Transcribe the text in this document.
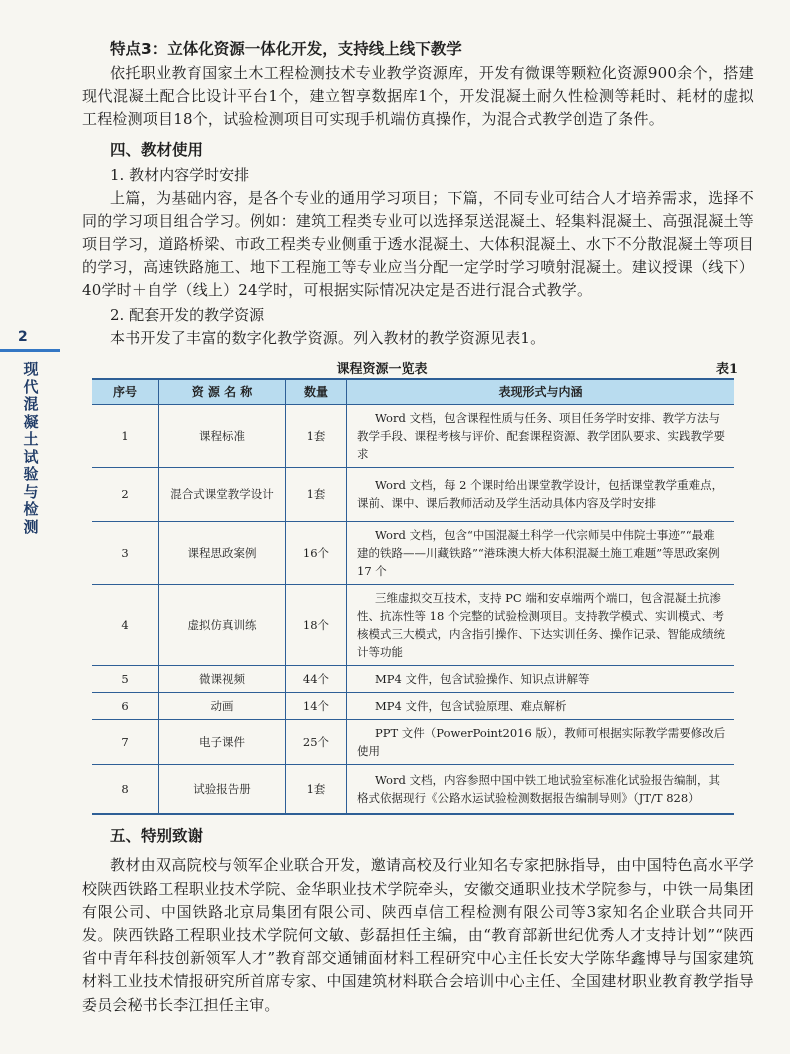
2
现代混凝土试验与检测

特点3：立体化资源一体化开发，支持线上线下教学

依托职业教育国家土木工程检测技术专业教学资源库，开发有微课等颗粒化资源900余个，搭建现代混凝土配合比设计平台1个，建立智享数据库1个，开发混凝土耐久性检测等耗时、耗材的虚拟工程检测项目18个，试验检测项目可实现手机端仿真操作，为混合式教学创造了条件。

四、教材使用

1. 教材内容学时安排

上篇，为基础内容，是各个专业的通用学习项目；下篇，不同专业可结合人才培养需求，选择不同的学习项目组合学习。例如：建筑工程类专业可以选择泵送混凝土、轻集料混凝土、高强混凝土等项目学习，道路桥梁、市政工程类专业侧重于透水混凝土、大体积混凝土、水下不分散混凝土等项目的学习，高速铁路施工、地下工程施工等专业应当分配一定学时学习喷射混凝土。建议授课（线下）40学时＋自学（线上）24学时，可根据实际情况决定是否进行混合式教学。

2. 配套开发的教学资源

本书开发了丰富的数字化教学资源。列入教材的教学资源见表1。

课程资源一览表	表1
序号	资 源 名 称	数量	表现形式与内涵
1	课程标准	1套	Word 文档，包含课程性质与任务、项目任务学时安排、教学方法与教学手段、课程考核与评价、配套课程资源、教学团队要求、实践教学要求
2	混合式课堂教学设计	1套	Word 文档，每 2 个课时给出课堂教学设计，包括课堂教学重难点，课前、课中、课后教师活动及学生活动具体内容及学时安排
3	课程思政案例	16个	Word 文档，包含“中国混凝土科学一代宗师吴中伟院士事迹”“最难建的铁路——川藏铁路”“港珠澳大桥大体积混凝土施工难题”等思政案例 17 个
4	虚拟仿真训练	18个	三维虚拟交互技术，支持 PC 端和安卓端两个端口，包含混凝土抗渗性、抗冻性等 18 个完整的试验检测项目。支持教学模式、实训模式、考核模式三大模式，内含指引操作、下达实训任务、操作记录、智能成绩统计等功能
5	微课视频	44个	MP4 文件，包含试验操作、知识点讲解等
6	动画	14个	MP4 文件，包含试验原理、难点解析
7	电子课件	25个	PPT 文件（PowerPoint2016 版），教师可根据实际教学需要修改后使用
8	试验报告册	1套	Word 文档，内容参照中国中铁工地试验室标准化试验报告编制，其格式依据现行《公路水运试验检测数据报告编制导则》（JT/T 828）

五、特别致谢

教材由双高院校与领军企业联合开发，邀请高校及行业知名专家把脉指导，由中国特色高水平学校陕西铁路工程职业技术学院、金华职业技术学院牵头，安徽交通职业技术学院参与，中铁一局集团有限公司、中国铁路北京局集团有限公司、陕西卓信工程检测有限公司等3家知名企业联合共同开发。陕西铁路工程职业技术学院何文敏、彭磊担任主编，由“教育部新世纪优秀人才支持计划”“陕西省中青年科技创新领军人才”教育部交通铺面材料工程研究中心主任长安大学陈华鑫博导与国家建筑材料工业技术情报研究所首席专家、中国建筑材料联合会培训中心主任、全国建材职业教育教学指导委员会秘书长李江担任主审。
